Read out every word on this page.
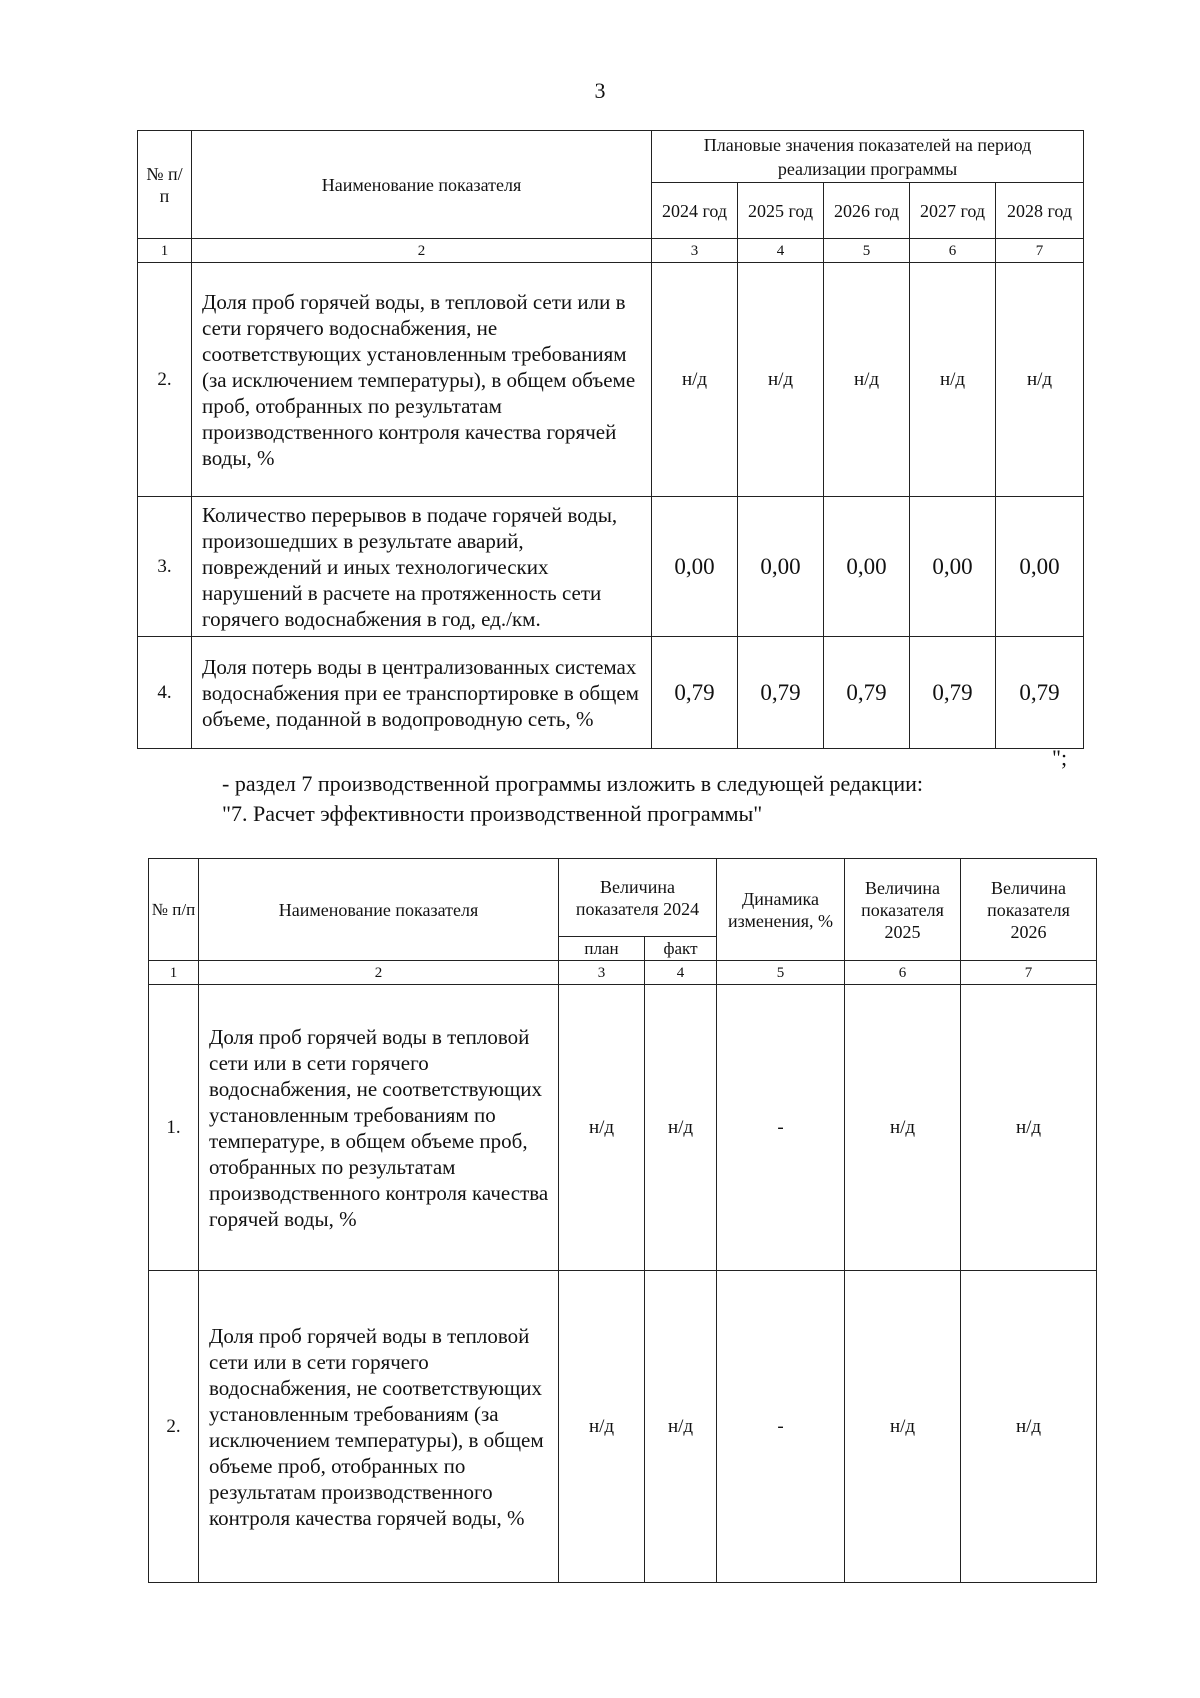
3
№ п/п	Наименование показателя	Плановые значения показателей на период реализации программы				
		2024 год	2025 год	2026 год	2027 год	2028 год
1	2	3	4	5	6	7
2.	Доля проб горячей воды, в тепловой сети или в сети горячего водоснабжения, не соответствующих установленным требованиям (за исключением температуры), в общем объеме проб, отобранных по результатам производственного контроля качества горячей воды, %	н/д	н/д	н/д	н/д	н/д
3.	Количество перерывов в подаче горячей воды, произошедших в результате аварий, повреждений и иных технологических нарушений в расчете на протяженность сети горячего водоснабжения в год, ед./км.	0,00	0,00	0,00	0,00	0,00
4.	Доля потерь воды в централизованных системах водоснабжения при ее транспортировке в общем объеме, поданной в водопроводную сеть, %	0,79	0,79	0,79	0,79	0,79
";
- раздел 7 производственной программы изложить в следующей редакции:
"7. Расчет эффективности производственной программы"
№ п/п	Наименование показателя	Величина показателя 2024		Динамика изменения, %	Величина показателя 2025	Величина показателя 2026
		план	факт			
1	2	3	4	5	6	7
1.	Доля проб горячей воды в тепловой сети или в сети горячего водоснабжения, не соответствующих установленным требованиям по температуре, в общем объеме проб, отобранных по результатам производственного контроля качества горячей воды, %	н/д	н/д	-	н/д	н/д
2.	Доля проб горячей воды в тепловой сети или в сети горячего водоснабжения, не соответствующих установленным требованиям (за исключением температуры), в общем объеме проб, отобранных по результатам производственного контроля качества горячей воды, %	н/д	н/д	-	н/д	н/д
